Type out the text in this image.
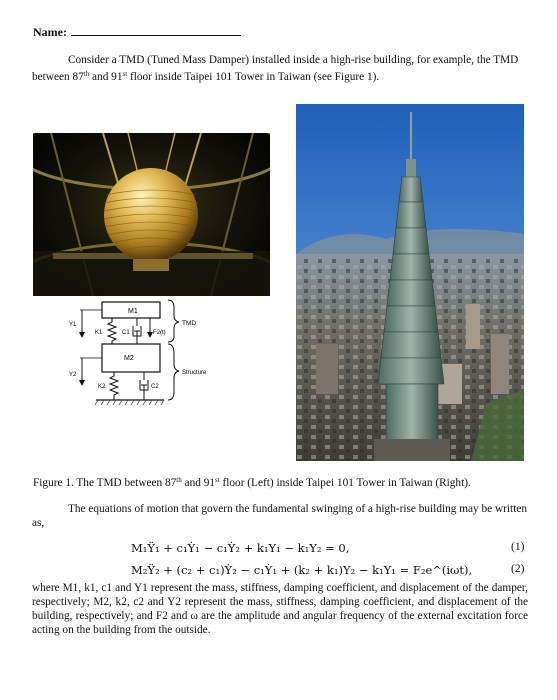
Name:
Consider a TMD (Tuned Mass Damper) installed inside a high-rise building, for example, the TMD between 87th and 91st floor inside Taipei 101 Tower in Taiwan (see Figure 1).
M1
K1	C1	F2(t)
M2
K2	C2
Y1
Y2
TMD
Structure
Figure 1. The TMD between 87th and 91st floor (Left) inside Taipei 101 Tower in Taiwan (Right).
The equations of motion that govern the fundamental swinging of a high-rise building may be written as,
M₁Ÿ₁ + c₁Ẏ₁ − c₁Ẏ₂ + k₁Y₁ − k₁Y₂ = 0,	(1)
M₂Ÿ₂ + (c₂ + c₁)Ẏ₂ − c₁Ẏ₁ + (k₂ + k₁)Y₂ − k₁Y₁ = F₂e^(iωt),	(2)
where M1, k1, c1 and Y1 represent the mass, stiffness, damping coefficient, and displacement of the damper, respectively; M2, k2, c2 and Y2 represent the mass, stiffness, damping coefficient, and displacement of the building, respectively; and F2 and ω are the amplitude and angular frequency of the external excitation force acting on the building from the outside.
